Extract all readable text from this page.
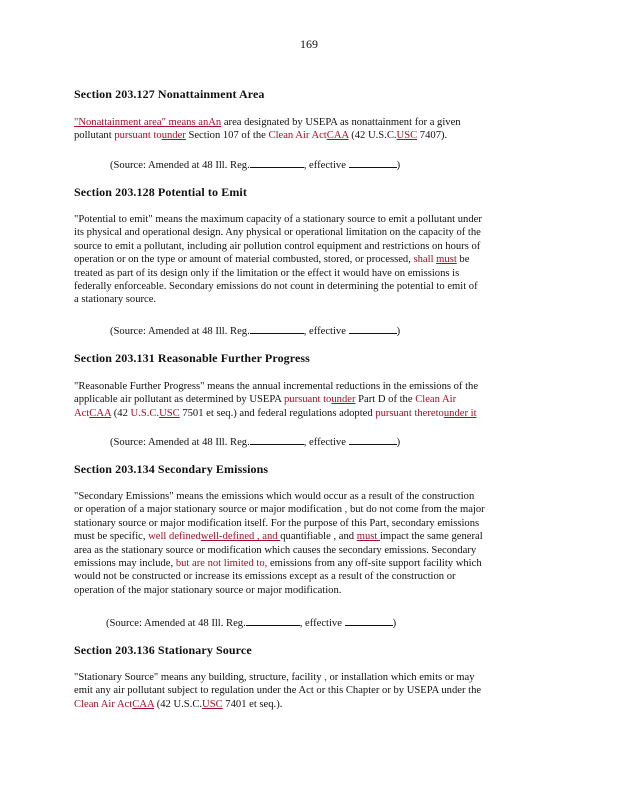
169
Section 203.127 Nonattainment Area
"Nonattainment area" means anAn area designated by USEPA as nonattainment for a given
pollutant pursuant tounder Section 107 of the Clean Air ActCAA (42 U.S.C.USC 7407).
(Source: Amended at 48 Ill. Reg.	, effective	)
Section 203.128 Potential to Emit
"Potential to emit" means the maximum capacity of a stationary source to emit a pollutant under
its physical and operational design. Any physical or operational limitation on the capacity of the
source to emit a pollutant, including air pollution control equipment and restrictions on hours of
operation or on the type or amount of material combusted, stored, or processed, shall must be
treated as part of its design only if the limitation or the effect it would have on emissions is
federally enforceable. Secondary emissions do not count in determining the potential to emit of
a stationary source.
(Source: Amended at 48 Ill. Reg.	, effective	)
Section 203.131 Reasonable Further Progress
"Reasonable Further Progress" means the annual incremental reductions in the emissions of the
applicable air pollutant as determined by USEPA pursuant tounder Part D of the Clean Air
ActCAA (42 U.S.C.USC 7501 et seq.) and federal regulations adopted pursuant theretounder it
(Source: Amended at 48 Ill. Reg.	, effective	)
Section 203.134 Secondary Emissions
"Secondary Emissions" means the emissions which would occur as a result of the construction
or operation of a major stationary source or major modification , but do not come from the major
stationary source or major modification itself. For the purpose of this Part, secondary emissions
must be specific, well definedwell-defined , and quantifiable , and must impact the same general
area as the stationary source or modification which causes the secondary emissions. Secondary
emissions may include, but are not limited to, emissions from any off-site support facility which
would not be constructed or increase its emissions except as a result of the construction or
operation of the major stationary source or major modification.
(Source: Amended at 48 Ill. Reg.	, effective	)
Section 203.136 Stationary Source
"Stationary Source" means any building, structure, facility , or installation which emits or may
emit any air pollutant subject to regulation under the Act or this Chapter or by USEPA under the
Clean Air ActCAA (42 U.S.C.USC 7401 et seq.).
